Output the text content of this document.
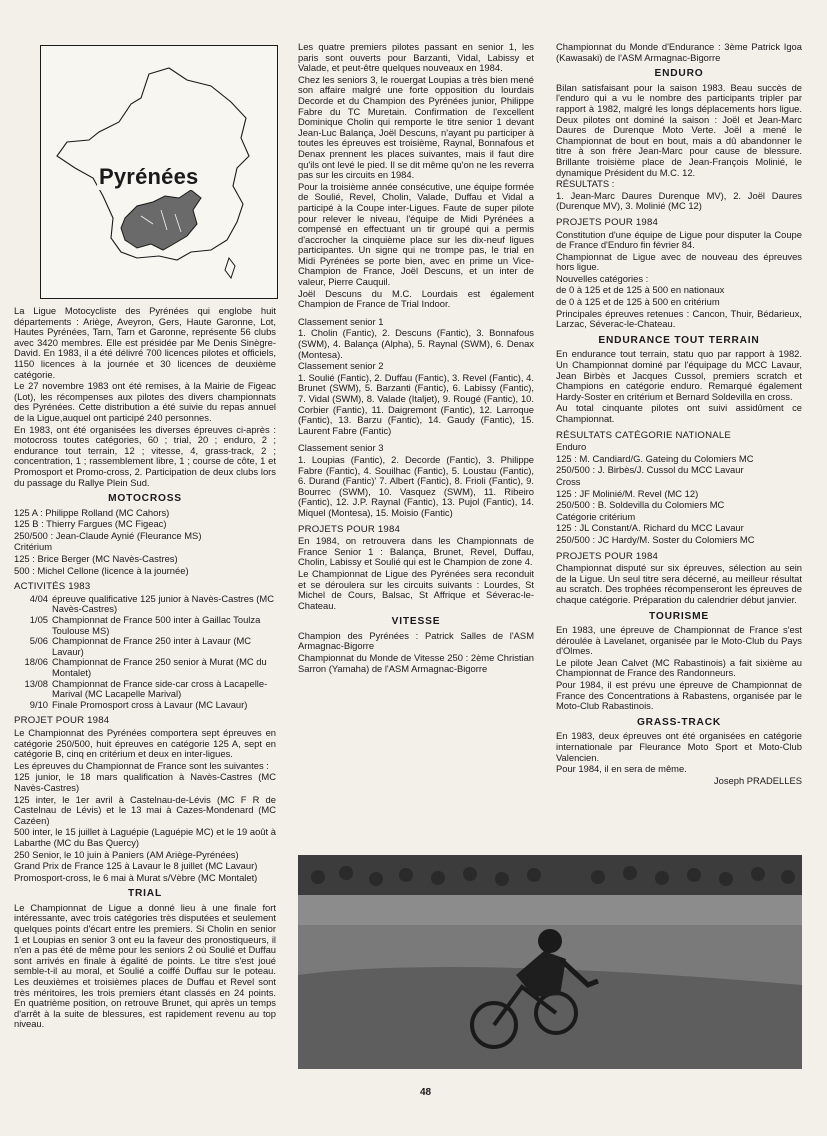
Pyrénées

La Ligue Motocycliste des Pyrénées qui englobe huit départements : Ariège, Aveyron, Gers, Haute Garonne, Lot, Hautes Pyrénées, Tarn, Tarn et Garonne, représente 56 clubs avec 3420 membres. Elle est présidée par Me Denis Sinègre-David. En 1983, il a été délivré 700 licences pilotes et officiels, 1150 licences à la journée et 30 licences de deuxième catégorie.

Le 27 novembre 1983 ont été remises, à la Mairie de Figeac (Lot), les récompenses aux pilotes des divers championnats des Pyrénées. Cette distribution a été suivie du repas annuel de la Ligue,auquel ont participé 240 personnes.

En 1983, ont été organisées les diverses épreuves ci-après : motocross toutes catégories, 60 ; trial, 20 ; enduro, 2 ; endurance tout terrain, 12 ; vitesse, 4, grass-track, 2 ; concentration, 1 ; rassemblement libre, 1 ; course de côte, 1 et Promosport et Promo-cross, 2. Participation de deux clubs lors du passage du Rallye Plein Sud.

MOTOCROSS

125 A : Philippe Rolland (MC Cahors)

125 B : Thierry Fargues (MC Figeac)

250/500 : Jean-Claude Aynié (Fleurance MS)

Critérium

125 : Brice Berger (MC Navès-Castres)

500 : Michel Cellone (licence à la journée)

ACTIVITÉS 1983
4/04 épreuve qualificative 125 junior à Navès-Castres (MC Navès-Castres)
1/05 Championnat de France 500 inter à Gaillac Toulza Toulouse MS)
5/06 Championnat de France 250 inter à Lavaur (MC Lavaur)
18/06 Championnat de France 250 senior à Murat (MC du Montalet)
13/08 Championnat de France side-car cross à Lacapelle-Marival (MC Lacapelle Marival)
9/10 Finale Promosport cross à Lavaur (MC Lavaur)
PROJET POUR 1984

Le Championnat des Pyrénées comportera sept épreuves en catégorie 250/500, huit épreuves en catégorie 125 A, sept en catégorie B, cinq en critérium et deux en inter-ligues.

Les épreuves du Championnat de France sont les suivantes :

125 junior, le 18 mars qualification à Navès-Castres (MC Navès-Castres)

125 inter, le 1er avril à Castelnau-de-Lévis (MC F R de Castelnau de Lévis) et le 13 mai à Cazes-Mondenard (MC Cazéen)

500 inter, le 15 juillet à Laguépie (Laguépie MC) et le 19 août à Labarthe (MC du Bas Quercy)

250 Senior, le 10 juin à Paniers (AM Ariège-Pyrénées)

Grand Prix de France 125 à Lavaur le 8 juillet (MC Lavaur)

Promosport-cross, le 6 mai à Murat s/Vèbre (MC Montalet)

TRIAL

Le Championnat de Ligue a donné lieu à une finale fort intéressante, avec trois catégories très disputées et seulement quelques points d'écart entre les premiers. Si Cholin en senior 1 et Loupias en senior 3 ont eu la faveur des pronostiqueurs, il n'en a pas été de même pour les seniors 2 où Soulié et Duffau sont arrivés en finale à égalité de points. Le titre s'est joué semble-t-il au moral, et Soulié a coiffé Duffau sur le poteau. Les deuxièmes et troisièmes places de Duffau et Revel sont très méritoires, les trois premiers étant classés en 24 points. En quatrième position, on retrouve Brunet, qui après un temps d'arrêt à la suite de blessures, est rapidement revenu au top niveau.

Les quatre premiers pilotes passant en senior 1, les paris sont ouverts pour Barzanti, Vidal, Labissy et Valade, et peut-être quelques nouveaux en 1984.

Chez les seniors 3, le rouergat Loupias a très bien mené son affaire malgré une forte opposition du lourdais Decorde et du Champion des Pyrénées junior, Philippe Fabre du TC Muretain. Confirmation de l'excellent Dominique Cholin qui remporte le titre senior 1 devant Jean-Luc Balança, Joël Descuns, n'ayant pu participer à toutes les épreuves est troisième, Raynal, Bonnafous et Denax prennent les places suivantes, mais il faut dire qu'ils ont levé le pied. Il se dit même qu'on ne les reverra pas sur les circuits en 1984.

Pour la troisième année consécutive, une équipe formée de Soulié, Revel, Cholin, Valade, Duffau et Vidal a participé à la Coupe inter-Ligues. Faute de super pilote pour relever le niveau, l'équipe de Midi Pyrénées a compensé en effectuant un tir groupé qui a permis d'accrocher la cinquième place sur les dix-neuf ligues participantes. Un signe qui ne trompe pas, le trial en Midi Pyrénées se porte bien, avec en prime un Vice-Champion de France, Joël Descuns, et un inter de valeur, Pierre Cauquil.

Joël Descuns du M.C. Lourdais est également Champion de France de Trial Indoor.

Classement senior 1

1. Cholin (Fantic), 2. Descuns (Fantic), 3. Bonnafous (SWM), 4. Balança (Alpha), 5. Raynal (SWM), 6. Denax (Montesa).

Classement senior 2

1. Soulié (Fantic), 2. Duffau (Fantic), 3. Revel (Fantic), 4. Brunet (SWM), 5. Barzanti (Fantic), 6. Labissy (Fantic), 7. Vidal (SWM), 8. Valade (Italjet), 9. Rougé (Fantic), 10. Corbier (Fantic), 11. Daigremont (Fantic), 12. Larroque (Fantic), 13. Barzu (Fantic), 14. Gaudy (Fantic), 15. Laurent Fabre (Fantic)

Classement senior 3

1. Loupias (Fantic), 2. Decorde (Fantic), 3. Philippe Fabre (Fantic), 4. Souilhac (Fantic), 5. Loustau (Fantic), 6. Durand (Fantic)' 7. Albert (Fantic), 8. Frioli (Fantic), 9. Bourrec (SWM), 10. Vasquez (SWM), 11. Ribeiro (Fantic), 12. J.P. Raynal (Fantic), 13. Pujol (Fantic), 14. Miquel (Montesa), 15. Moisio (Fantic)

PROJETS POUR 1984

En 1984, on retrouvera dans les Championnats de France Senior 1 : Balança, Brunet, Revel, Duffau, Cholin, Labissy et Soulié qui est le Champion de zone 4.

Le Championnat de Ligue des Pyrénées sera reconduit et se déroulera sur les circuits suivants : Lourdes, St Michel de Cours, Balsac, St Affrique et Séverac-le-Chateau.

VITESSE

Champion des Pyrénées : Patrick Salles de l'ASM Armagnac-Bigorre

Championnat du Monde de Vitesse 250 : 2ème Christian Sarron (Yamaha) de l'ASM Armagnac-Bigorre

Championnat du Monde d'Endurance : 3ème Patrick Igoa (Kawasaki) de l'ASM Armagnac-Bigorre

ENDURO

Bilan satisfaisant pour la saison 1983. Beau succès de l'enduro qui a vu le nombre des participants tripler par rapport à 1982, malgré les longs déplacements hors ligue. Deux pilotes ont dominé la saison : Joël et Jean-Marc Daures de Durenque Moto Verte. Joël a mené le Championnat de bout en bout, mais a dû abandonner le titre à son frère Jean-Marc pour cause de blessure. Brillante troisième place de Jean-François Molinié, le dynamique Président du M.C. 12.

RÉSULTATS :

1. Jean-Marc Daures Durenque MV), 2. Joël Daures (Durenque MV), 3. Molinié (MC 12)

PROJETS POUR 1984

Constitution d'une équipe de Ligue pour disputer la Coupe de France d'Enduro fin février 84.

Championnat de Ligue avec de nouveau des épreuves hors ligue.

Nouvelles catégories :

de 0 à 125 et de 125 à 500 en nationaux

de 0 à 125 et de 125 à 500 en critérium

Principales épreuves retenues : Cancon, Thuir, Bédarieux, Larzac, Séverac-le-Chateau.

ENDURANCE TOUT TERRAIN

En endurance tout terrain, statu quo par rapport à 1982. Un Championnat dominé par l'équipage du MCC Lavaur, Jean Birbès et Jacques Cussol, premiers scratch et Champions en catégorie enduro. Remarqué également Hardy-Soster en critérium et Bernard Soldevilla en cross.

Au total cinquante pilotes ont suivi assidûment ce Championnat.

RÉSULTATS CATÉGORIE NATIONALE

Enduro

125 : M. Candiard/G. Gateing du Colomiers MC

250/500 : J. Birbès/J. Cussol du MCC Lavaur

Cross

125 : JF Molinié/M. Revel (MC 12)

250/500 : B. Soldevilla du Colomiers MC

Catégorie critérium

125 : JL Constant/A. Richard du MCC Lavaur

250/500 : JC Hardy/M. Soster du Colomiers MC

PROJETS POUR 1984

Championnat disputé sur six épreuves, sélection au sein de la Ligue. Un seul titre sera décerné, au meilleur résultat au scratch. Des trophées récompenseront les épreuves de chaque catégorie. Préparation du calendrier début janvier.

TOURISME

En 1983, une épreuve de Championnat de France s'est déroulée à Lavelanet, organisée par le Moto-Club du Pays d'Olmes.

Le pilote Jean Calvet (MC Rabastinois) a fait sixième au Championnat de France des Randonneurs.

Pour 1984, il est prévu une épreuve de Championnat de France des Concentrations à Rabastens, organisée par le Moto-Club Rabastinois.

GRASS-TRACK

En 1983, deux épreuves ont été organisées en catégorie internationale par Fleurance Moto Sport et Moto-Club Valencien.

Pour 1984, il en sera de même.

Joseph PRADELLES

48
